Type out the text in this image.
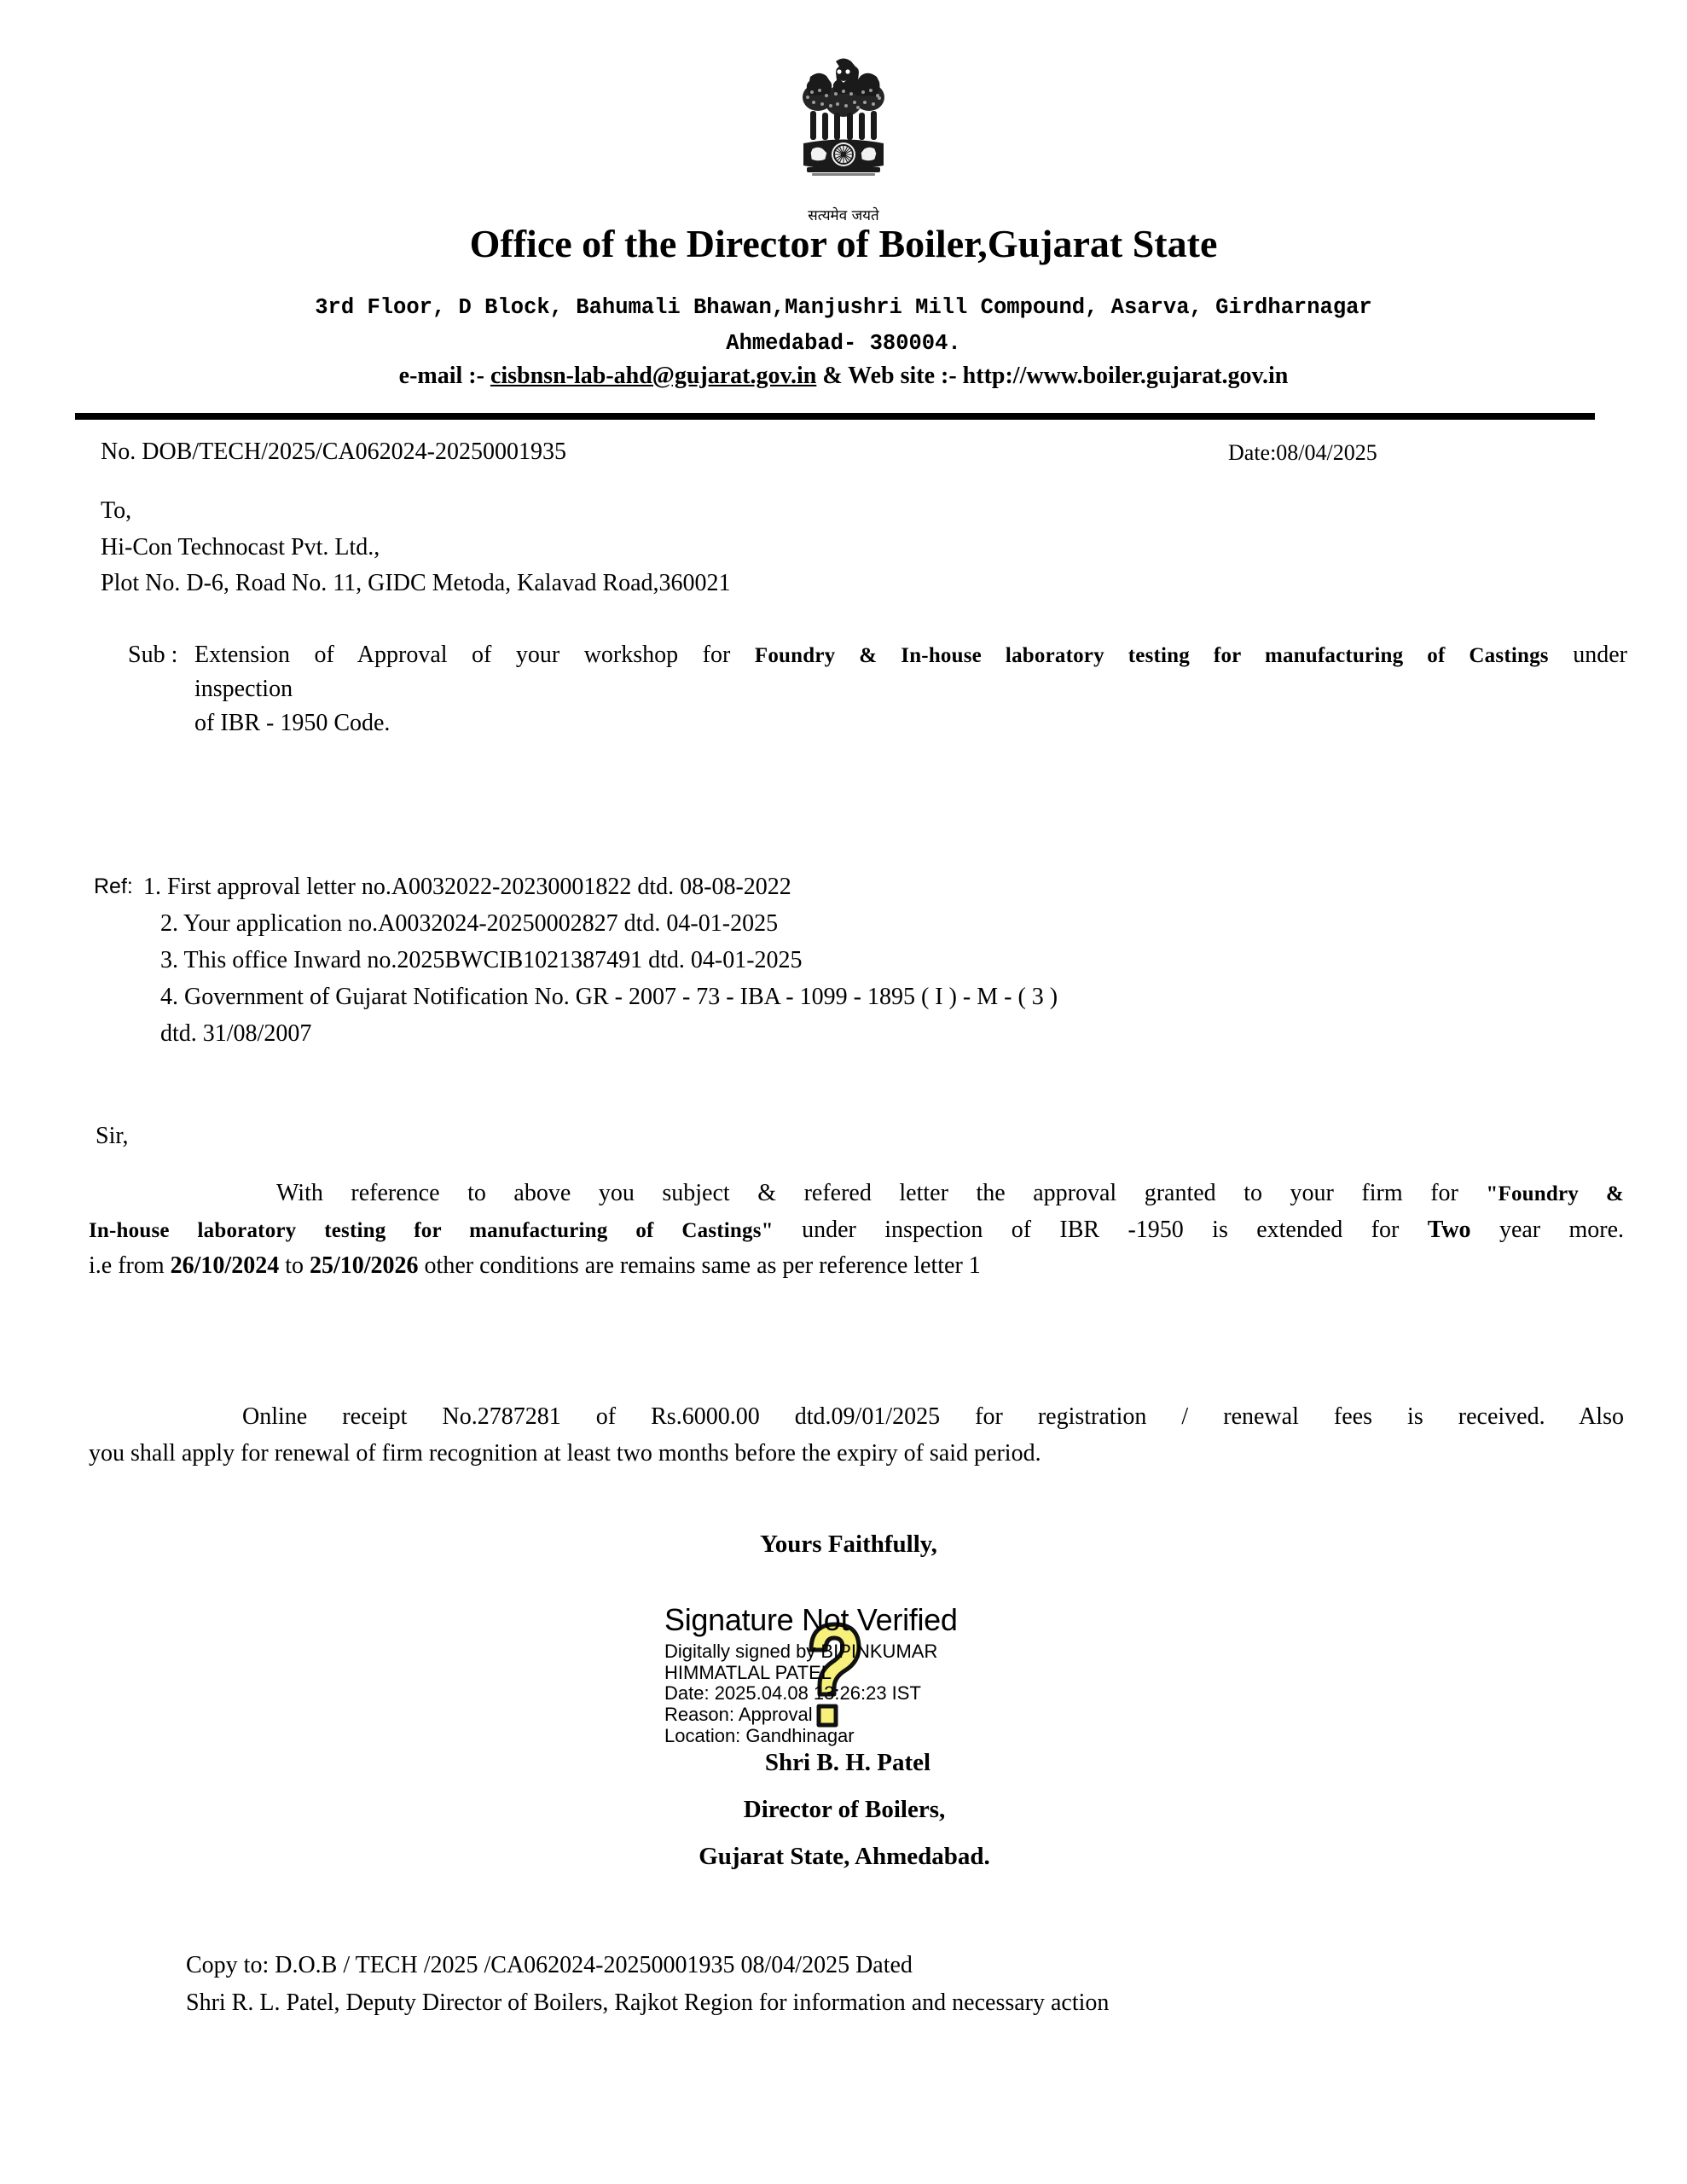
सत्यमेव जयते
Office of the Director of Boiler,Gujarat State
3rd Floor, D Block, Bahumali Bhawan,Manjushri Mill Compound, Asarva, Girdharnagar
Ahmedabad- 380004.
e-mail :- cisbnsn-lab-ahd@gujarat.gov.in & Web site :- http://www.boiler.gujarat.gov.in
No. DOB/TECH/2025/CA062024-20250001935	Date:08/04/2025
To,
Hi-Con Technocast Pvt. Ltd.,
Plot No. D-6, Road No. 11, GIDC Metoda, Kalavad Road,360021
Sub : Extension of Approval of your workshop for Foundry & In-house laboratory testing for manufacturing of Castings under
inspection
of IBR - 1950 Code.
Ref: 1. First approval letter no.A0032022-20230001822 dtd. 08-08-2022
2. Your application no.A0032024-20250002827 dtd. 04-01-2025
3. This office Inward no.2025BWCIB1021387491 dtd. 04-01-2025
4. Government of Gujarat Notification No. GR - 2007 - 73 - IBA - 1099 - 1895 ( I ) - M - ( 3 )
dtd. 31/08/2007
Sir,
With reference to above you subject & refered letter the approval granted to your firm for "Foundry &
In-house laboratory testing for manufacturing of Castings" under inspection of IBR -1950 is extended for Two year more.
i.e from 26/10/2024 to 25/10/2026 other conditions are remains same as per reference letter 1
Online receipt No.2787281 of Rs.6000.00 dtd.09/01/2025 for registration / renewal fees is received. Also
you shall apply for renewal of firm recognition at least two months before the expiry of said period.
Yours Faithfully,
Signature Not Verified
Digitally signed by BIPINKUMAR
HIMMATLAL PATEL
Date: 2025.04.08 13:26:23 IST
Reason: Approval
Location: Gandhinagar
Shri B. H. Patel
Director of Boilers,
Gujarat State, Ahmedabad.
Copy to: D.O.B / TECH /2025 /CA062024-20250001935 08/04/2025 Dated
Shri R. L. Patel, Deputy Director of Boilers, Rajkot Region for information and necessary action
